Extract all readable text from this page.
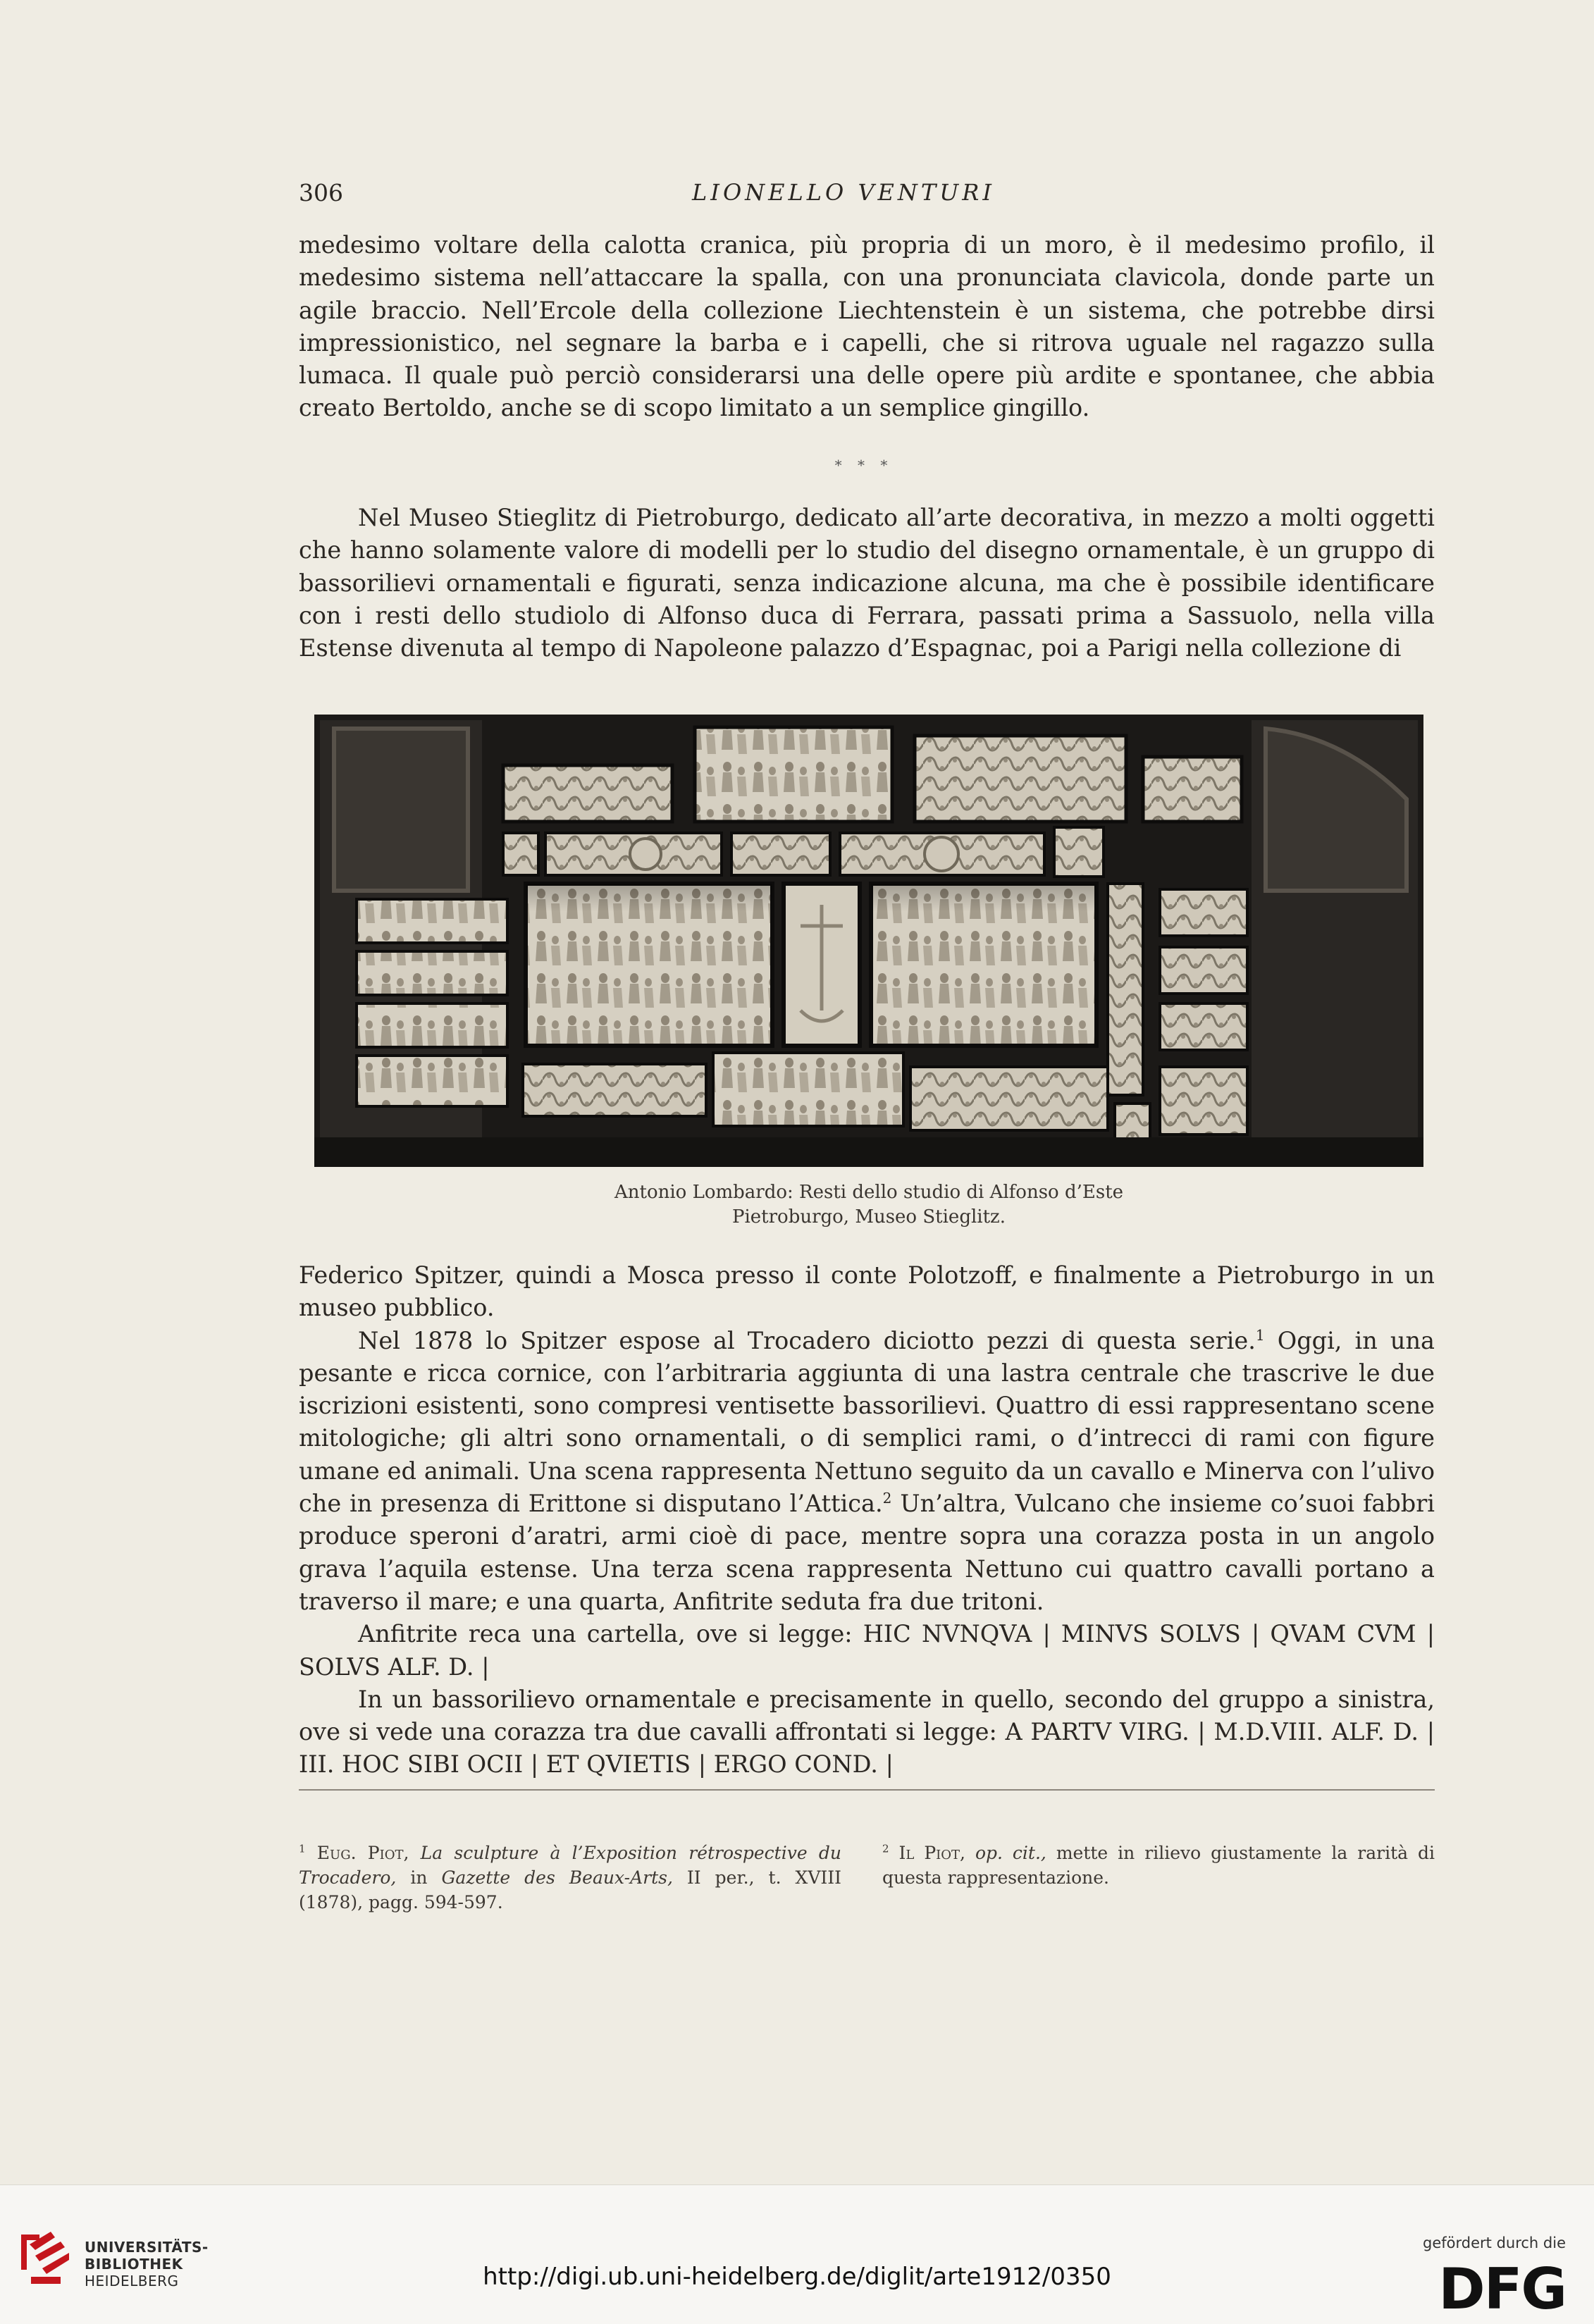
306	LIONELLO VENTURI

medesimo voltare della calotta cranica, più propria di un moro, è il medesimo profilo, il medesimo sistema nell’attaccare la spalla, con una pronunciata clavicola, donde parte un agile braccio. Nell’Ercole della collezione Liechtenstein è un sistema, che potrebbe dirsi impressionistico, nel segnare la barba e i capelli, che si ritrova uguale nel ragazzo sulla lumaca. Il quale può perciò considerarsi una delle opere più ardite e spontanee, che abbia creato Bertoldo, anche se di scopo limitato a un semplice gingillo.

* * *

Nel Museo Stieglitz di Pietroburgo, dedicato all’arte decorativa, in mezzo a molti oggetti che hanno solamente valore di modelli per lo studio del disegno ornamentale, è un gruppo di bassorilievi ornamentali e figurati, senza indicazione alcuna, ma che è possibile identificare con i resti dello studiolo di Alfonso duca di Ferrara, passati prima a Sassuolo, nella villa Estense divenuta al tempo di Napoleone palazzo d’Espagnac, poi a Parigi nella collezione di

Antonio Lombardo: Resti dello studio di Alfonso d’Este
Pietroburgo, Museo Stieglitz.

Federico Spitzer, quindi a Mosca presso il conte Polotzoff, e finalmente a Pietroburgo in un museo pubblico.

Nel 1878 lo Spitzer espose al Trocadero diciotto pezzi di questa serie.$^1$ Oggi, in una pesante e ricca cornice, con l’arbitraria aggiunta di una lastra centrale che trascrive le due iscrizioni esistenti, sono compresi ventisette bassorilievi. Quattro di essi rappresentano scene mitologiche; gli altri sono ornamentali, o di semplici rami, o d’intrecci di rami con figure umane ed animali. Una scena rappresenta Nettuno seguito da un cavallo e Minerva con l’ulivo che in presenza di Erittone si disputano l’Attica.$^2$ Un’altra, Vulcano che insieme co’suoi fabbri produce speroni d’aratri, armi cioè di pace, mentre sopra una corazza posta in un angolo grava l’aquila estense. Una terza scena rappresenta Nettuno cui quattro cavalli portano a traverso il mare; e una quarta, Anfitrite seduta fra due tritoni.

Anfitrite reca una cartella, ove si legge: HIC NVNQVA | MINVS SOLVS | QVAM CVM | SOLVS ALF. D. |

In un bassorilievo ornamentale e precisamente in quello, secondo del gruppo a sinistra, ove si vede una corazza tra due cavalli affrontati si legge: A PARTV VIRG. | M.D.VIII. ALF. D. | III. HOC SIBI OCII | ET QVIETIS | ERGO COND. |

$^1$ Eug. Piot, La sculpture à l’Exposition rétrospective du Trocadero, in Gazette des Beaux-Arts, II per., t. XVIII (1878), pagg. 594-597.
$^2$ Il Piot, op. cit., mette in rilievo giustamente la rarità di questa rappresentazione.
UNIVERSITÄTS-
BIBLIOTHEK
HEIDELBERG	http://digi.ub.uni-heidelberg.de/diglit/arte1912/0350
gefördert durch die
DFG
